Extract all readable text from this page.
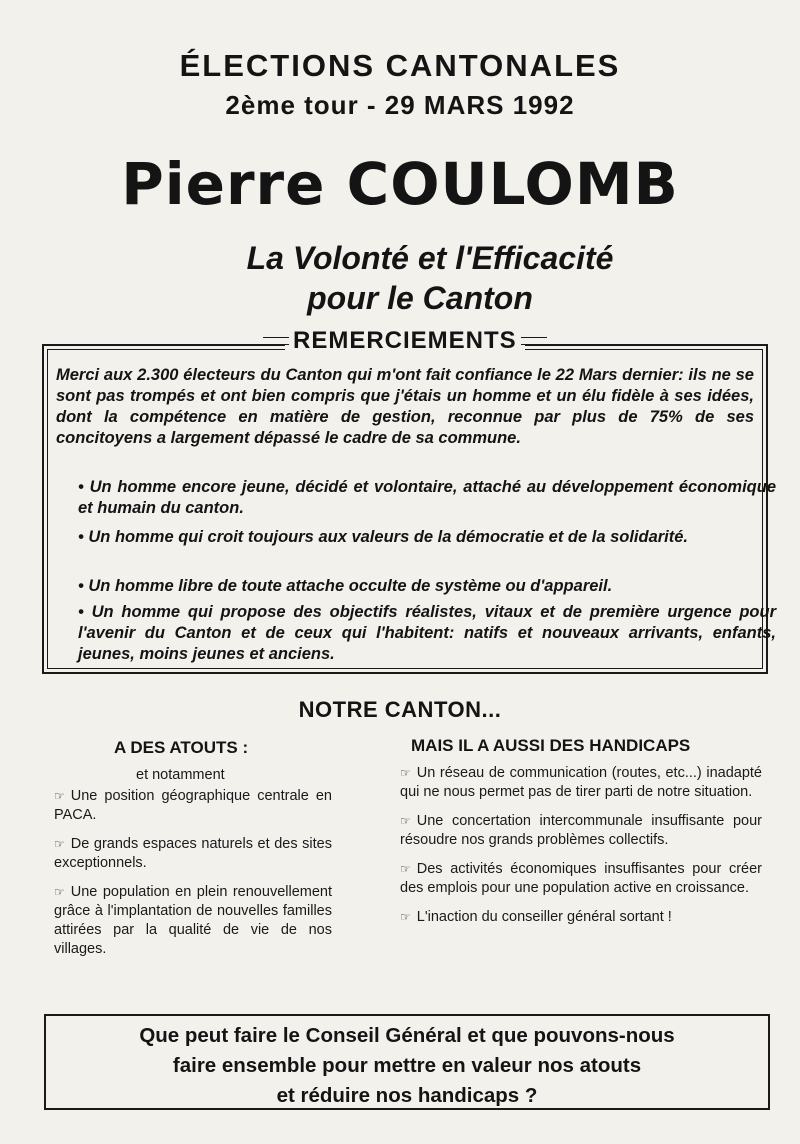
ÉLECTIONS CANTONALES
2ème tour - 29 MARS 1992
Pierre COULOMB
La Volonté et l'Efficacité
pour le Canton
REMERCIEMENTS
Merci aux 2.300 électeurs du Canton qui m'ont fait confiance le 22 Mars dernier: ils ne se sont pas trompés et ont bien compris que j'étais un homme et un élu fidèle à ses idées, dont la compétence en matière de gestion, reconnue par plus de 75% de ses concitoyens a largement dépassé le cadre de sa commune.
• Un homme encore jeune, décidé et volontaire, attaché au développement économique et humain du canton.
• Un homme qui croit toujours aux valeurs de la démocratie et de la solidarité.
• Un homme libre de toute attache occulte de système ou d'appareil.
• Un homme qui propose des objectifs réalistes, vitaux et de première urgence pour l'avenir du Canton et de ceux qui l'habitent: natifs et nouveaux arrivants, enfants, jeunes, moins jeunes et anciens.
NOTRE CANTON...
A DES ATOUTS :	MAIS IL A AUSSI DES HANDICAPS
et notamment

☞ Une position géographique centrale en PACA.

☞ De grands espaces naturels et des sites exceptionnels.

☞ Une population en plein renouvellement grâce à l'implantation de nouvelles familles attirées par la qualité de vie de nos villages.

☞ Un réseau de communication (routes, etc...) inadapté qui ne nous permet pas de tirer parti de notre situation.

☞ Une concertation intercommunale insuffisante pour résoudre nos grands problèmes collectifs.

☞ Des activités économiques insuffisantes pour créer des emplois pour une population active en croissance.

☞ L'inaction du conseiller général sortant !

Que peut faire le Conseil Général et que pouvons-nous
faire ensemble pour mettre en valeur nos atouts
et réduire nos handicaps ?
